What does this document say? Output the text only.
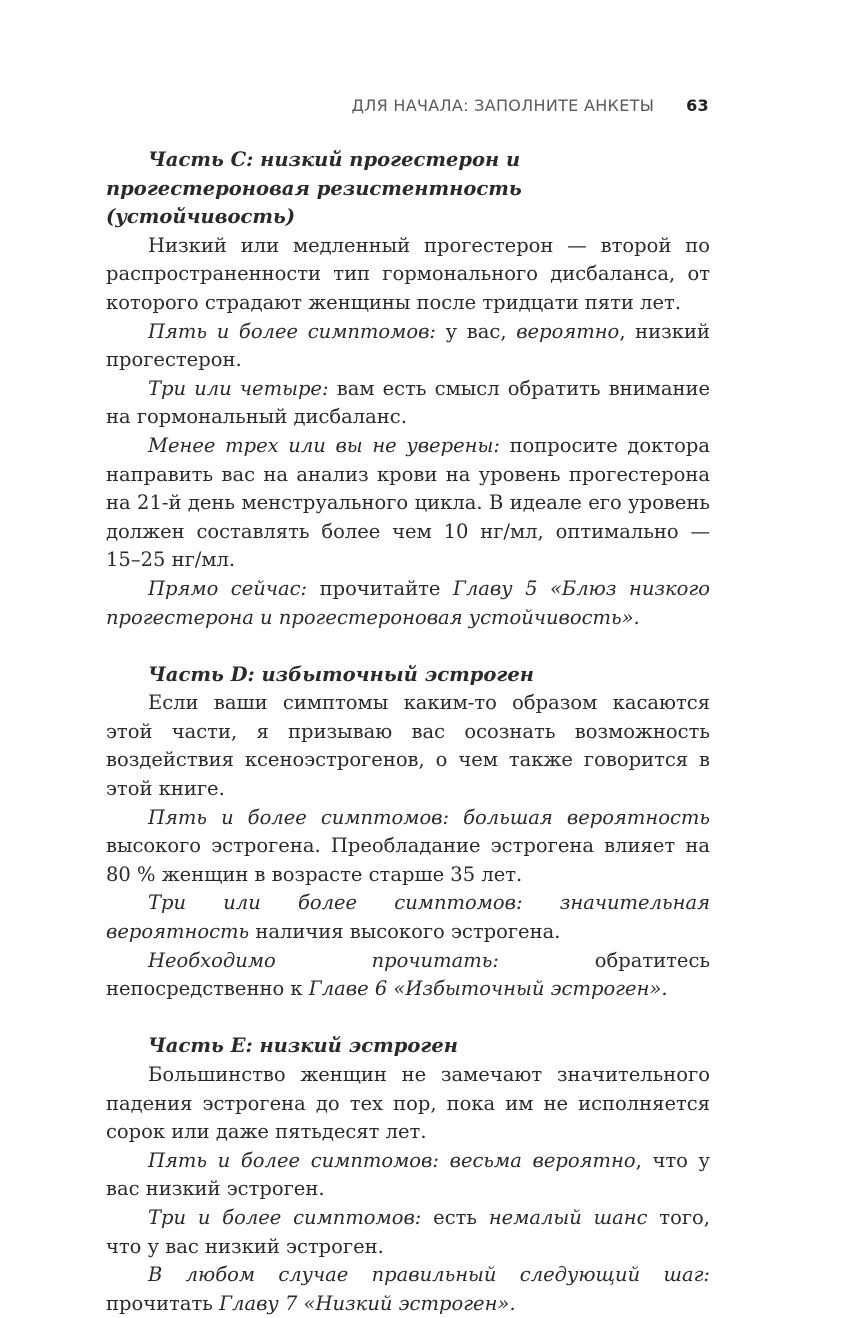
ДЛЯ НАЧАЛА: ЗАПОЛНИТЕ АНКЕТЫ 63

Часть C: низкий прогестерон и прогестероновая резистентность (устойчивость)

Низкий или медленный прогестерон — второй по распространенности тип гормонального дисбаланса, от которого страдают женщины после тридцати пяти лет.

Пять и более симптомов: у вас, вероятно, низкий прогестерон.

Три или четыре: вам есть смысл обратить внимание на гормональный дисбаланс.

Менее трех или вы не уверены: попросите доктора направить вас на анализ крови на уровень прогестерона на 21-й день менструального цикла. В идеале его уровень должен составлять более чем 10 нг/мл, оптимально — 15–25 нг/мл.

Прямо сейчас: прочитайте Главу 5 «Блюз низкого прогестерона и прогестероновая устойчивость».

Часть D: избыточный эстроген

Если ваши симптомы каким-то образом касаются этой части, я призываю вас осознать возможность воздействия ксеноэстрогенов, о чем также говорится в этой книге.

Пять и более симптомов: большая вероятность высокого эстрогена. Преобладание эстрогена влияет на 80 % женщин в возрасте старше 35 лет.

Три или более симптомов: значительная вероятность наличия высокого эстрогена.

Необходимо прочитать: обратитесь непосредственно к Главе 6 «Избыточный эстроген».

Часть E: низкий эстроген

Большинство женщин не замечают значительного падения эстрогена до тех пор, пока им не исполняется сорок или даже пятьдесят лет.

Пять и более симптомов: весьма вероятно, что у вас низкий эстроген.

Три и более симптомов: есть немалый шанс того, что у вас низкий эстроген.

В любом случае правильный следующий шаг: прочитать Главу 7 «Низкий эстроген».
